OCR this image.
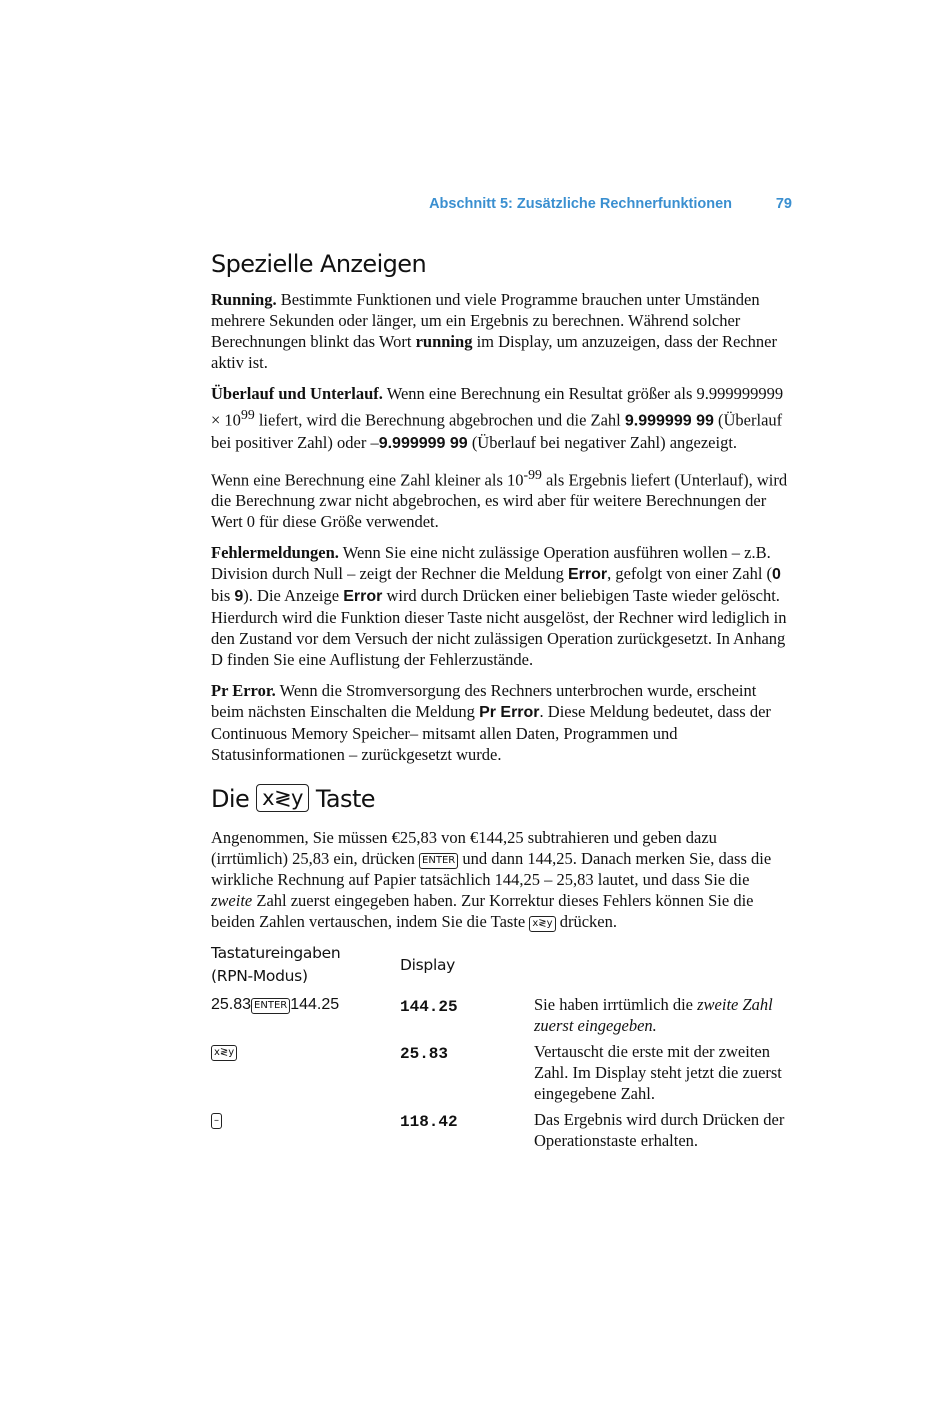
Abschnitt 5: Zusätzliche Rechnerfunktionen	79
Spezielle Anzeigen

Running. Bestimmte Funktionen und viele Programme brauchen unter Umständen mehrere Sekunden oder länger, um ein Ergebnis zu berechnen. Während solcher Berechnungen blinkt das Wort running im Display, um anzuzeigen, dass der Rechner aktiv ist.

Überlauf und Unterlauf. Wenn eine Berechnung ein Resultat größer als $9.999999999 \times 10^{99}$ liefert, wird die Berechnung abgebrochen und die Zahl 9.999999 99 (Überlauf bei positiver Zahl) oder –9.999999 99 (Überlauf bei negativer Zahl) angezeigt.

Wenn eine Berechnung eine Zahl kleiner als $10^{-99}$ als Ergebnis liefert (Unterlauf), wird die Berechnung zwar nicht abgebrochen, es wird aber für weitere Berechnungen der Wert 0 für diese Größe verwendet.

Fehlermeldungen. Wenn Sie eine nicht zulässige Operation ausführen wollen – z.B. Division durch Null – zeigt der Rechner die Meldung Error, gefolgt von einer Zahl (0 bis 9). Die Anzeige Error wird durch Drücken einer beliebigen Taste wieder gelöscht. Hierdurch wird die Funktion dieser Taste nicht ausgelöst, der Rechner wird lediglich in den Zustand vor dem Versuch der nicht zulässigen Operation zurückgesetzt. In Anhang D finden Sie eine Auflistung der Fehlerzustände.

Pr Error. Wenn die Stromversorgung des Rechners unterbrochen wurde, erscheint beim nächsten Einschalten die Meldung Pr Error. Diese Meldung bedeutet, dass der Continuous Memory Speicher– mitsamt allen Daten, Programmen und Statusinformationen – zurückgesetzt wurde.

Die x≷y Taste

Angenommen, Sie müssen €25,83 von €144,25 subtrahieren und geben dazu (irrtümlich) 25,83 ein, drücken ENTER und dann 144,25. Danach merken Sie, dass die wirkliche Rechnung auf Papier tatsächlich 144,25 – 25,83 lautet, und dass Sie die zweite Zahl zuerst eingegeben haben. Zur Korrektur dieses Fehlers können Sie die beiden Zahlen vertauschen, indem Sie die Taste x≷y drücken.

Tastatureingaben
(RPN-Modus)	Display	
25.83 ENTER 144.25	144.25	Sie haben irrtümlich die zweite Zahl zuerst eingegeben.
x≷y	25.83	Vertauscht die erste mit der zweiten Zahl. Im Display steht jetzt die zuerst eingegebene Zahl.
–	118.42	Das Ergebnis wird durch Drücken der Operationstaste erhalten.
